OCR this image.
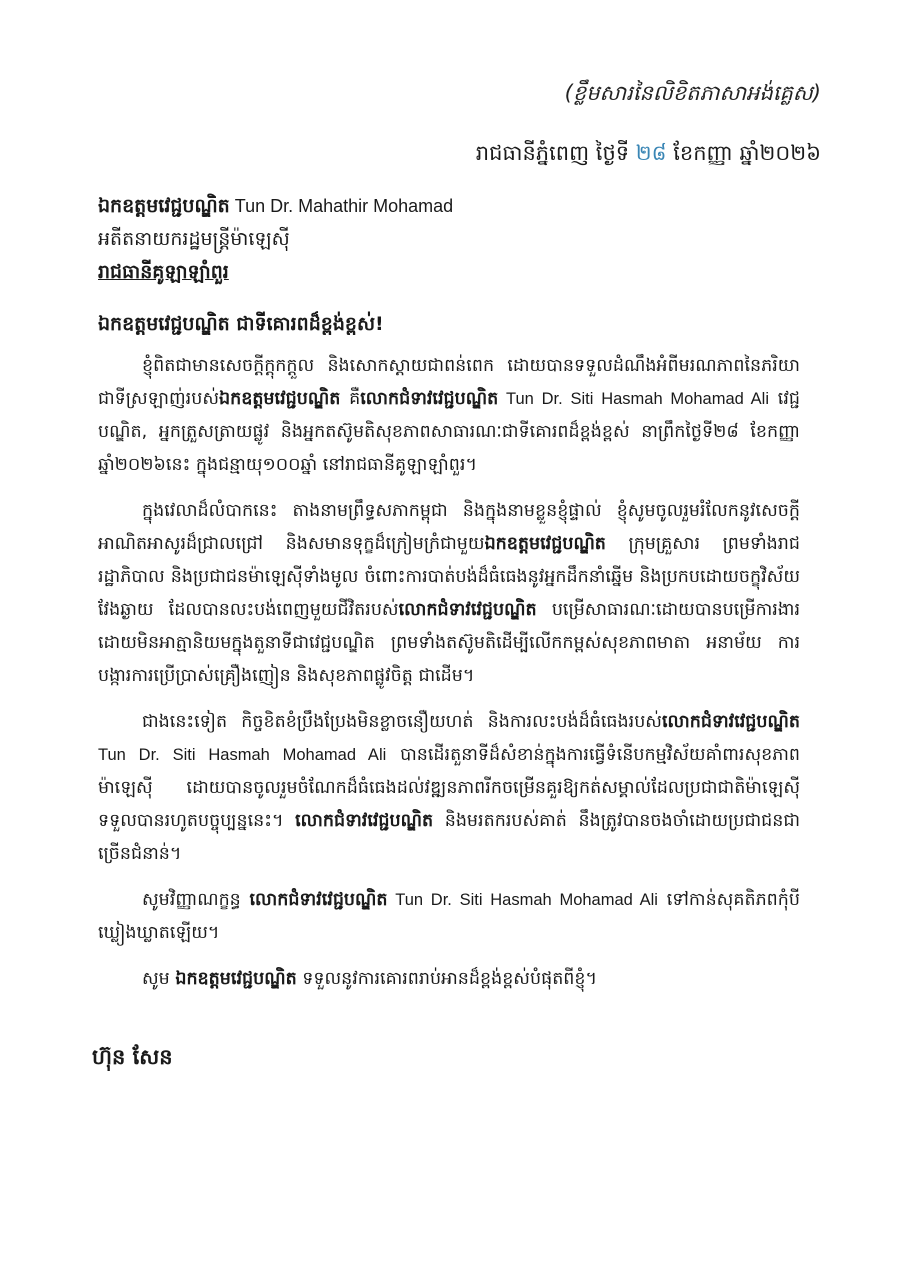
(ខ្លឹមសារនៃលិខិតភាសាអង់គ្លេស)
រាជធានីភ្នំពេញ ថ្ងៃទី ២៨ ខែកញ្ញា ឆ្នាំ២០២៦
ឯកឧត្តមវេជ្ជបណ្ឌិត Tun Dr. Mahathir Mohamad
អតីតនាយករដ្ឋមន្រ្តីម៉ាឡេស៊ី
រាជធានីគូឡាឡាំពួរ
ឯកឧត្តមវេជ្ជបណ្ឌិត ជាទីគោរពដ៏ខ្ពង់ខ្ពស់!

ខ្ញុំពិតជាមានសេចក្តីក្តុកក្តួល និងសោកស្តាយជាពន់ពេក ដោយបានទទួលដំណឹងអំពីមរណភាពនៃភរិយាជាទីស្រឡាញ់របស់ឯកឧត្តមវេជ្ជបណ្ឌិត គឺលោកជំទាវវេជ្ជបណ្ឌិត Tun Dr. Siti Hasmah Mohamad Ali វេជ្ជបណ្ឌិត, អ្នកត្រួសត្រាយផ្លូវ និងអ្នកតស៊ូមតិសុខភាពសាធារណៈជាទីគោរពដ៏ខ្ពង់ខ្ពស់ នាព្រឹកថ្ងៃទី២៨ ខែកញ្ញា ឆ្នាំ២០២៦នេះ ក្នុងជន្មាយុ១០០ឆ្នាំ នៅរាជធានីគូឡាឡាំពួរ។

ក្នុងវេលាដ៏លំបាកនេះ តាងនាមព្រឹទ្ធសភាកម្ពុជា និងក្នុងនាមខ្លួនខ្ញុំផ្ទាល់ ខ្ញុំសូមចូលរួមរំលែកនូវសេចក្តីអាណិតអាសូរដ៏ជ្រាលជ្រៅ និងសមានទុក្ខដ៏ក្រៀមក្រំជាមួយឯកឧត្តមវេជ្ជបណ្ឌិត ក្រុមគ្រួសារ ព្រមទាំងរាជរដ្ឋាភិបាល និងប្រជាជនម៉ាឡេស៊ីទាំងមូល ចំពោះការបាត់បង់ដ៏ធំធេងនូវអ្នកដឹកនាំឆ្នើម និងប្រកបដោយចក្ខុវិស័យវែងឆ្ងាយ ដែលបានលះបង់ពេញមួយជីវិតរបស់លោកជំទាវវេជ្ជបណ្ឌិត បម្រើសាធារណៈដោយបានបម្រើការងារដោយមិនអាត្មានិយមក្នុងតួនាទីជាវេជ្ជបណ្ឌិត ព្រមទាំងតស៊ូមតិដើម្បីលើកកម្ពស់សុខភាពមាតា អនាម័យ ការបង្ការការប្រើប្រាស់គ្រឿងញៀន និងសុខភាពផ្លូវចិត្ត ជាដើម។

ជាងនេះទៀត កិច្ចខិតខំប្រឹងប្រែងមិនខ្លាចនឿយហត់ និងការលះបង់ដ៏ធំធេងរបស់លោកជំទាវវេជ្ជបណ្ឌិត Tun Dr. Siti Hasmah Mohamad Ali បានដើរតួនាទីដ៏សំខាន់ក្នុងការធ្វើទំនើបកម្មវិស័យគាំពារសុខភាពម៉ាឡេស៊ី ដោយបានចូលរួមចំណែកដ៏ធំធេងដល់វឌ្ឍនភាពរីកចម្រើនគួរឱ្យកត់សម្គាល់ដែលប្រជាជាតិម៉ាឡេស៊ីទទួលបានរហូតបច្ចុប្បន្ននេះ។ លោកជំទាវវេជ្ជបណ្ឌិត និងមរតករបស់គាត់ នឹងត្រូវបានចងចាំដោយប្រជាជនជាច្រើនជំនាន់។

សូមវិញ្ញាណក្ខន្ធ លោកជំទាវវេជ្ជបណ្ឌិត Tun Dr. Siti Hasmah Mohamad Ali ទៅកាន់សុគតិភពកុំបីឃ្លៀងឃ្លាតឡើយ។

សូម ឯកឧត្តមវេជ្ជបណ្ឌិត ទទួលនូវការគោរពរាប់អានដ៏ខ្ពង់ខ្ពស់បំផុតពីខ្ញុំ។

ហ៊ុន សែន
